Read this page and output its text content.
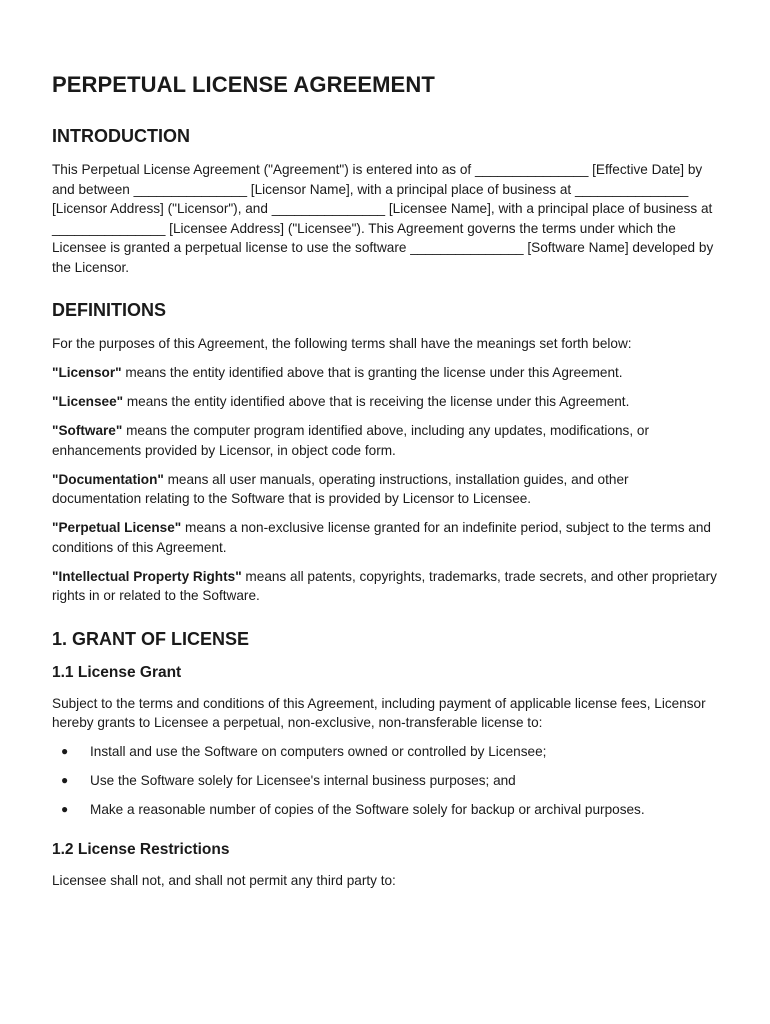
PERPETUAL LICENSE AGREEMENT
INTRODUCTION

This Perpetual License Agreement ("Agreement") is entered into as of _______________ [Effective Date] by and between _______________ [Licensor Name], with a principal place of business at _______________ [Licensor Address] ("Licensor"), and _______________ [Licensee Name], with a principal place of business at _______________ [Licensee Address] ("Licensee"). This Agreement governs the terms under which the Licensee is granted a perpetual license to use the software _______________ [Software Name] developed by the Licensor.

DEFINITIONS

For the purposes of this Agreement, the following terms shall have the meanings set forth below:

"Licensor" means the entity identified above that is granting the license under this Agreement.

"Licensee" means the entity identified above that is receiving the license under this Agreement.

"Software" means the computer program identified above, including any updates, modifications, or enhancements provided by Licensor, in object code form.

"Documentation" means all user manuals, operating instructions, installation guides, and other documentation relating to the Software that is provided by Licensor to Licensee.

"Perpetual License" means a non-exclusive license granted for an indefinite period, subject to the terms and conditions of this Agreement.

"Intellectual Property Rights" means all patents, copyrights, trademarks, trade secrets, and other proprietary rights in or related to the Software.

1. GRANT OF LICENSE
1.1 License Grant

Subject to the terms and conditions of this Agreement, including payment of applicable license fees, Licensor hereby grants to Licensee a perpetual, non-exclusive, non-transferable license to:

● Install and use the Software on computers owned or controlled by Licensee;
● Use the Software solely for Licensee's internal business purposes; and
● Make a reasonable number of copies of the Software solely for backup or archival purposes.
1.2 License Restrictions

Licensee shall not, and shall not permit any third party to:
